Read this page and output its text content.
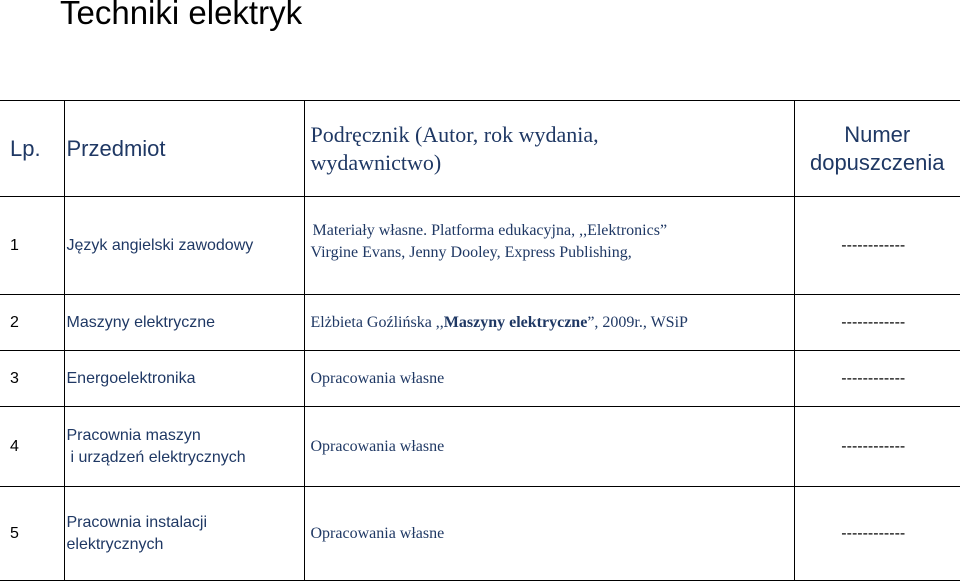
Techniki elektryk
Lp.	Przedmiot	Podręcznik (Autor, rok wydania,
wydawnictwo)	Numer
dopuszczenia
1	Język angielski zawodowy	Materiały własne. Platforma edukacyjna, ,,Elektronics”
Virgine Evans, Jenny Dooley, Express Publishing,	------------
2	Maszyny elektryczne	Elżbieta Goźlińska ,,Maszyny elektryczne”, 2009r., WSiP	------------
3	Energoelektronika	Opracowania własne	------------
4	Pracownia maszyn
i urządzeń elektrycznych	Opracowania własne	------------
5	Pracownia instalacji
elektrycznych	Opracowania własne	------------
